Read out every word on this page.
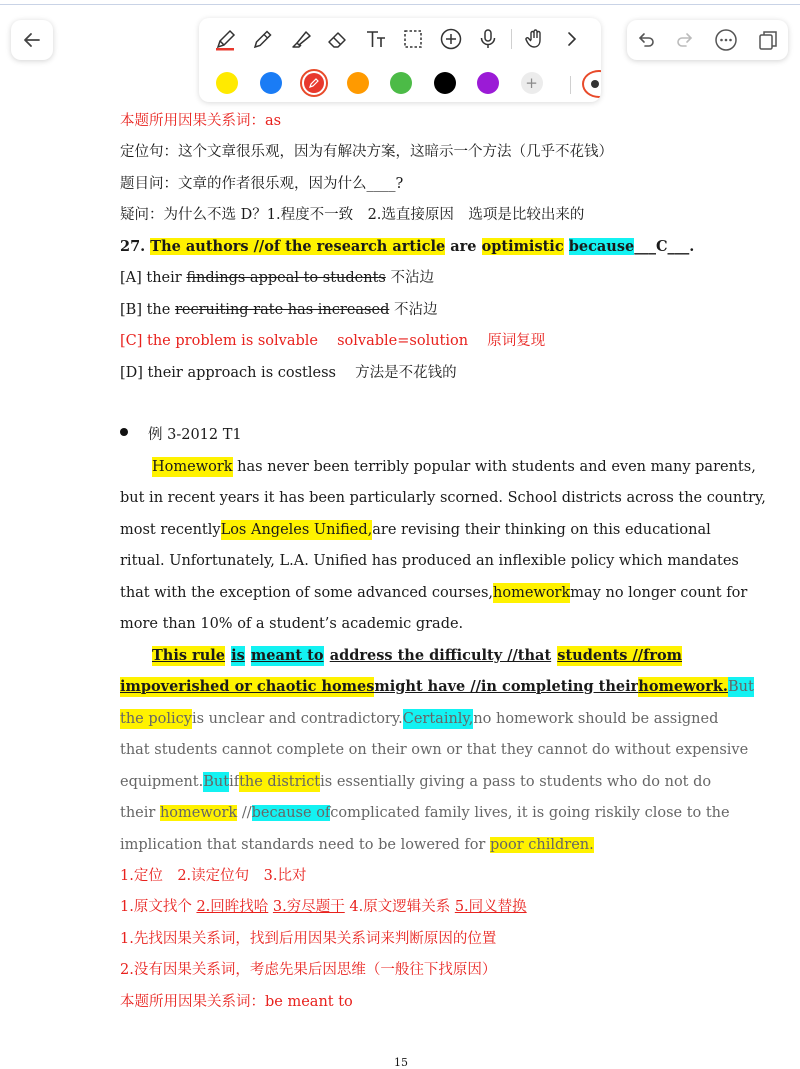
+
本题所用因果关系词：as
定位句：这个文章很乐观，因为有解决方案，这暗示一个方法（几乎不花钱）
题目问：文章的作者很乐观，因为什么____?
疑问：为什么不选 D？1.程度不一致　2.选直接原因　选项是比较出来的
27. The authors //of the research article are optimistic because___C___.
[A] their findings appeal to students 不沾边
[B] the recruiting rate has increased 不沾边
[C] the problem is solvable　 solvable=solution　 原词复现
[D] their approach is costless　 方法是不花钱的
例 3-2012 T1
Homework has never been terribly popular with students and even many parents,
but in recent years it has been particularly scorned. School districts across the country,
most recently Los Angeles Unified, are revising their thinking on this educational
ritual. Unfortunately, L.A. Unified has produced an inflexible policy which mandates
that with the exception of some advanced courses, homework may no longer count for
more than 10% of a student’s academic grade.
This rule is meant to address the difficulty //that students //from
impoverished or chaotic homes might have //in completing their homework. But
the policy is unclear and contradictory. Certainly, no homework should be assigned
that students cannot complete on their own or that they cannot do without expensive
equipment. But if the district is essentially giving a pass to students who do not do
their homework //because of complicated family lives, it is going riskily close to the
implication that standards need to be lowered for poor children.
1.定位　2.读定位句　3.比对
1.原文找个 2.回眸找哈 3.穷尽题干 4.原文逻辑关系 5.同义替换
1.先找因果关系词，找到后用因果关系词来判断原因的位置
2.没有因果关系词，考虑先果后因思维（一般往下找原因）
本题所用因果关系词：be meant to
15
